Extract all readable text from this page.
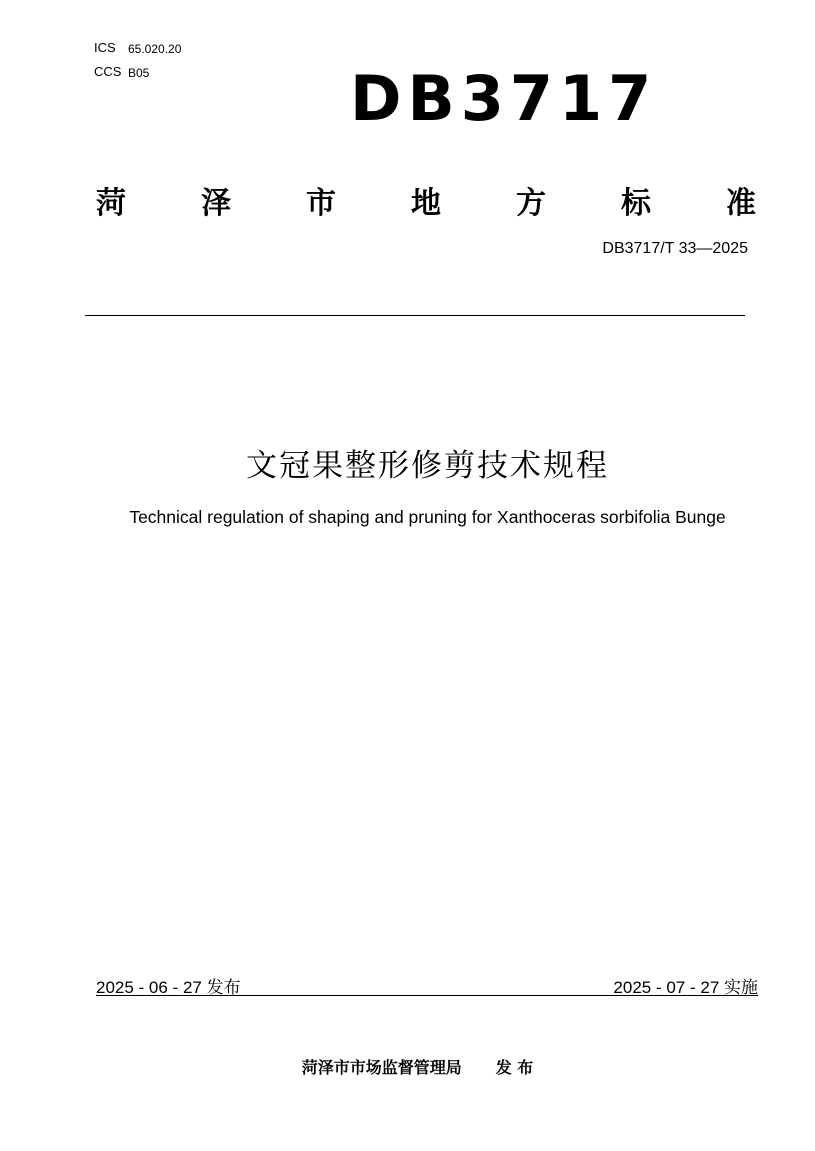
ICS 65.020.20
CCS B05	DB3717
菏	泽	市	地	方	标	准
DB3717/T 33—2025
文冠果整形修剪技术规程
Technical regulation of shaping and pruning for Xanthoceras sorbifolia Bunge
2025 - 06 - 27 发布	2025 - 07 - 27 实施
菏泽市市场监督管理局 发 布
